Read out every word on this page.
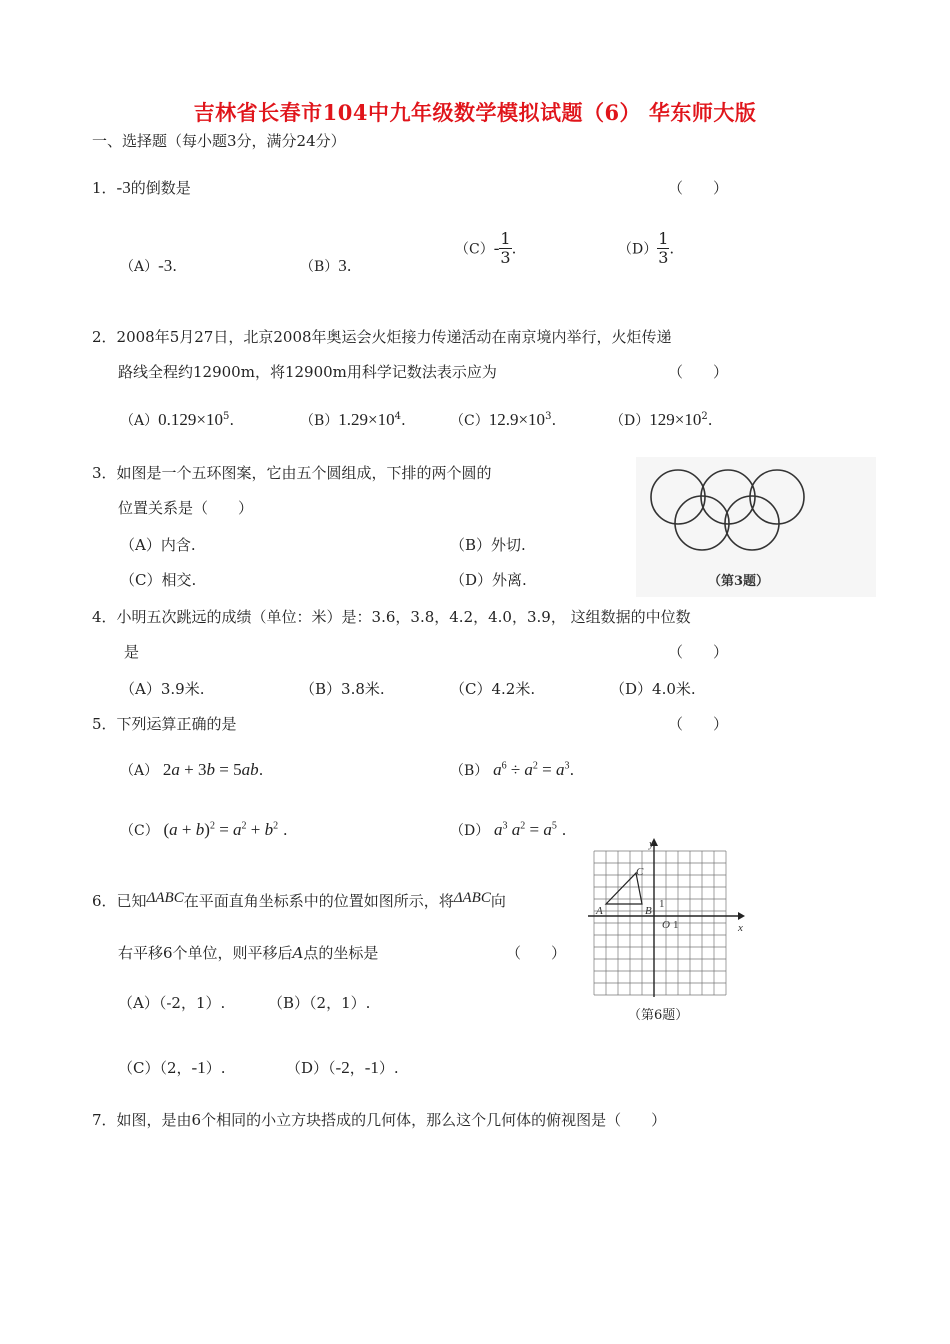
吉林省长春市104中九年级数学模拟试题（6） 华东师大版
一、选择题（每小题3分，满分24分）
1．-3的倒数是	（　　）
（A）-3.	（B）3.
$(C)- \frac{1}{3}$ .	$(D) \frac{1}{3}$ .
2．2008年5月27日，北京2008年奥运会火炬接力传递活动在南京境内举行，火炬传递
路线全程约12900m，将12900m用科学记数法表示应为	（　　）
$(A)0.129\times 10^5$.	$(B)1.29\times 10^4$.	$(C)12.9\times 10^3$.	$(D)129\times 10^2$.
3．如图是一个五环图案，它由五个圆组成，下排的两个圆的
位置关系是（　　）
（A）内含.	（B）外切.
（C）相交.	（D）外离.	（第3题）
4．小明五次跳远的成绩（单位：米）是：3.6，3.8，4.2，4.0，3.9， 这组数据的中位数
是	（　　）
（A）3.9米.	（B）3.8米.	（C）4.2米.	（D）4.0米.
5．下列运算正确的是	（　　）
（A） 2a + 3b = 5ab.	（B） $a^6 \div a^2 = a^3$.
（C） $(a + b)^2 = a^2 + b^2$ .	（D） $a^3$ $a^2 = a^5$ .
6．已知ΔABC在平面直角坐标系中的位置如图所示，将ΔABC向
右平移6个单位，则平移后A点的坐标是	（　　）
（A）（-2，1）.	（B）（2，1）.
（C）（2，-1）.	（D）（-2，-1）.
y
C
A	B
O	x
1
1
（第6题）
7．如图，是由6个相同的小立方块搭成的几何体，那么这个几何体的俯视图是（　　）
